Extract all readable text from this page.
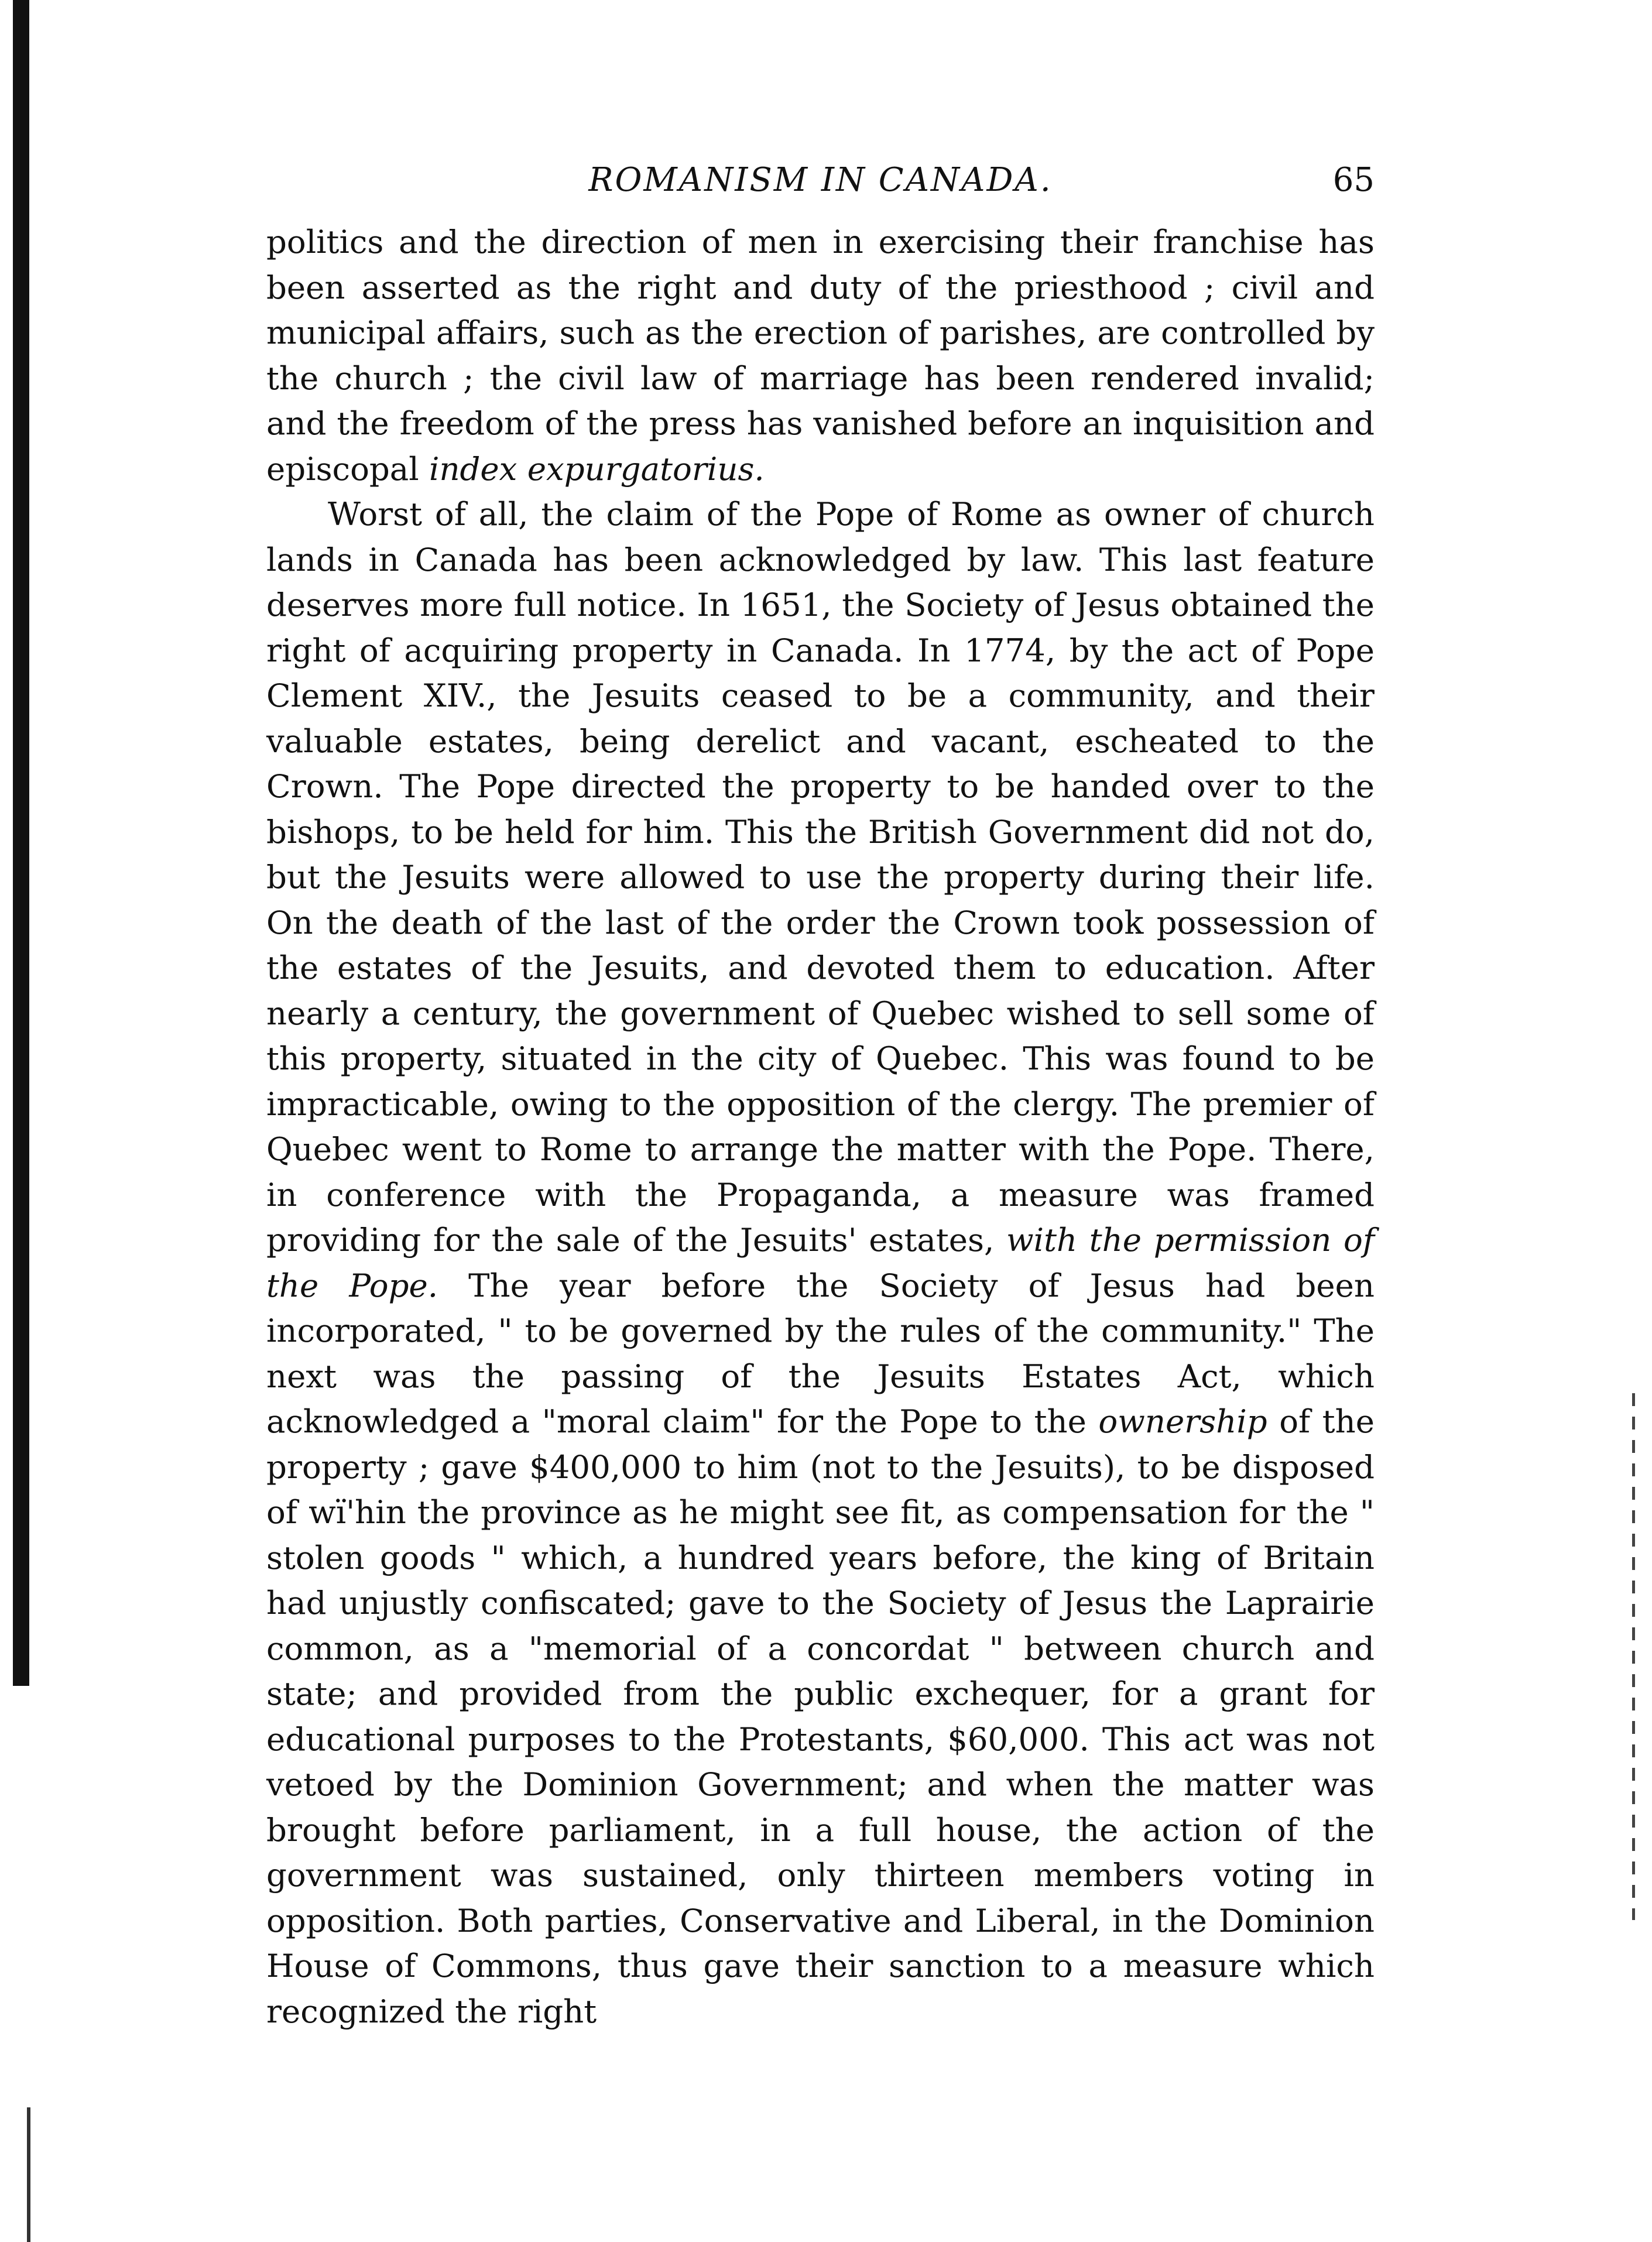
ROMANISM IN CANADA.	65

politics and the direction of men in exercising their franchise has been asserted as the right and duty of the priesthood ; civil and municipal affairs, such as the erection of parishes, are controlled by the church ; the civil law of marriage has been rendered invalid; and the freedom of the press has vanished before an inquisition and episcopal index expurgatorius.

Worst of all, the claim of the Pope of Rome as owner of church lands in Canada has been acknowledged by law. This last feature deserves more full notice. In 1651, the Society of Jesus obtained the right of acquiring property in Canada. In 1774, by the act of Pope Clement XIV., the Jesuits ceased to be a community, and their valuable estates, being derelict and vacant, escheated to the Crown. The Pope directed the property to be handed over to the bishops, to be held for him. This the British Government did not do, but the Jesuits were allowed to use the property during their life. On the death of the last of the order the Crown took possession of the estates of the Jesuits, and devoted them to education. After nearly a century, the government of Quebec wished to sell some of this property, situated in the city of Quebec. This was found to be impracticable, owing to the opposition of the clergy. The premier of Quebec went to Rome to arrange the matter with the Pope. There, in conference with the Propaganda, a measure was framed providing for the sale of the Jesuits' estates, with the permission of the Pope. The year before the Society of Jesus had been incorporated, " to be governed by the rules of the community." The next was the passing of the Jesuits Estates Act, which acknowledged a "moral claim" for the Pope to the ownership of the property ; gave $400,000 to him (not to the Jesuits), to be disposed of wï'hin the province as he might see fit, as compensation for the " stolen goods " which, a hundred years before, the king of Britain had unjustly confiscated; gave to the Society of Jesus the Laprairie common, as a "memorial of a concordat " between church and state; and provided from the public exchequer, for a grant for educational purposes to the Protestants, $60,000. This act was not vetoed by the Dominion Government; and when the matter was brought before parliament, in a full house, the action of the government was sustained, only thirteen members voting in opposition. Both parties, Conservative and Liberal, in the Dominion House of Commons, thus gave their sanction to a measure which recognized the right
